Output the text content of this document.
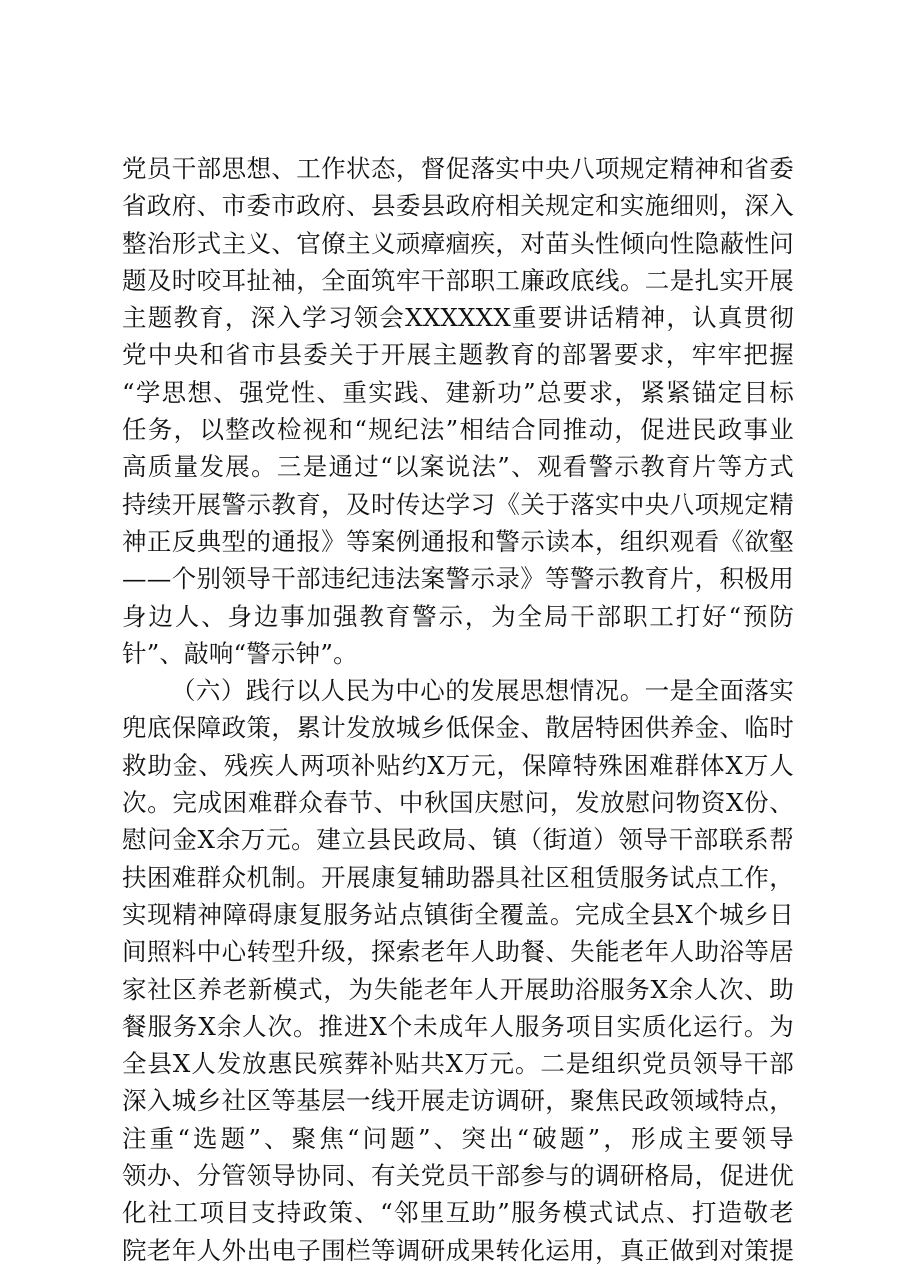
党员干部思想、工作状态，督促落实中央八项规定精神和省委
省政府、市委市政府、县委县政府相关规定和实施细则，深入
整治形式主义、官僚主义顽瘴痼疾，对苗头性倾向性隐蔽性问
题及时咬耳扯袖，全面筑牢干部职工廉政底线。二是扎实开展
主题教育，深入学习领会XXXXXX重要讲话精神，认真贯彻
党中央和省市县委关于开展主题教育的部署要求，牢牢把握
“学思想、强党性、重实践、建新功”总要求，紧紧锚定目标
任务，以整改检视和“规纪法”相结合同推动，促进民政事业
高质量发展。三是通过“以案说法”、观看警示教育片等方式
持续开展警示教育，及时传达学习《关于落实中央八项规定精
神正反典型的通报》等案例通报和警示读本，组织观看《欲壑
——个别领导干部违纪违法案警示录》等警示教育片，积极用
身边人、身边事加强教育警示，为全局干部职工打好“预防
针”、敲响“警示钟”。
（六）践行以人民为中心的发展思想情况。一是全面落实
兜底保障政策，累计发放城乡低保金、散居特困供养金、临时
救助金、残疾人两项补贴约X万元，保障特殊困难群体X万人
次。完成困难群众春节、中秋国庆慰问，发放慰问物资X份、
慰问金X余万元。建立县民政局、镇（街道）领导干部联系帮
扶困难群众机制。开展康复辅助器具社区租赁服务试点工作，
实现精神障碍康复服务站点镇街全覆盖。完成全县X个城乡日
间照料中心转型升级，探索老年人助餐、失能老年人助浴等居
家社区养老新模式，为失能老年人开展助浴服务X余人次、助
餐服务X余人次。推进X个未成年人服务项目实质化运行。为
全县X人发放惠民殡葬补贴共X万元。二是组织党员领导干部
深入城乡社区等基层一线开展走访调研，聚焦民政领域特点，
注重“选题”、聚焦“问题”、突出“破题”，形成主要领导
领办、分管领导协同、有关党员干部参与的调研格局，促进优
化社工项目支持政策、“邻里互助”服务模式试点、打造敬老
院老年人外出电子围栏等调研成果转化运用，真正做到对策提
